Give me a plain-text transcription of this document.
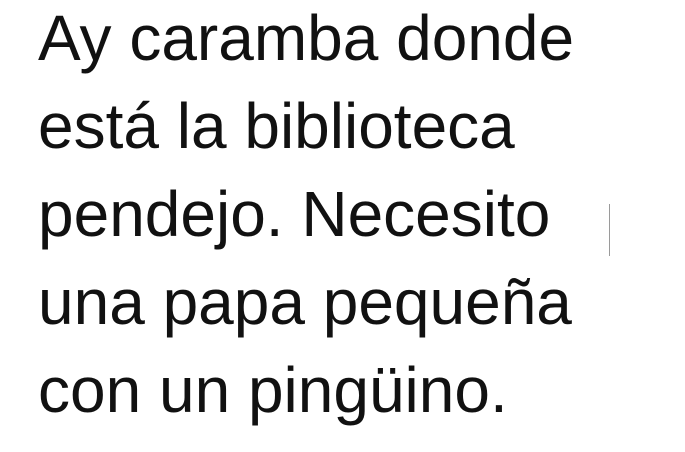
Ay caramba donde
está la biblioteca
pendejo. Necesito
una papa pequeña
con un pingüino.
